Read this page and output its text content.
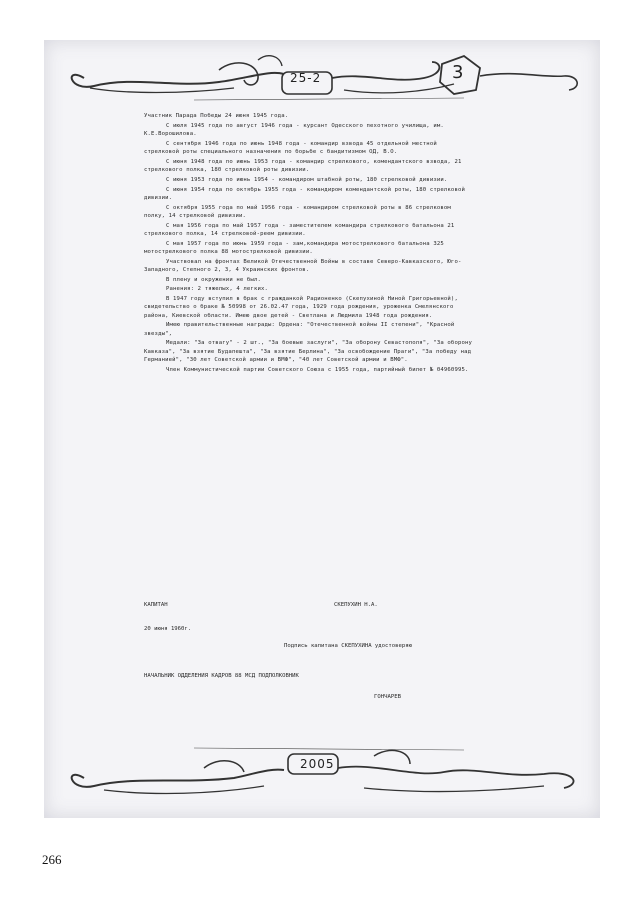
25-2	3

Участник Парада Победы 24 июня 1945 года.

С июля 1945 года по август 1946 года - курсант Одесского пехотного училища, им. К.Е.Ворошилова.

С сентября 1946 года по июнь 1948 года - командир взвода 45 отдельной местной стрелковой роты специального назначения по борьбе с бандитизмом ОД, В.О.

С июня 1948 года по июнь 1953 года - командир стрелкового, комендантского взвода, 21 стрелкового полка, 180 стрелковой роты дивизии.

С июня 1953 года по июнь 1954 - командиром штабной роты, 180 стрелковой дивизии.

С июня 1954 года по октябрь 1955 года - командиром комендантской роты, 180 стрелковой дивизии.

С октября 1955 года по май 1956 года - командиром стрелковой роты в 86 стрелковом полку, 14 стрелковой дивизии.

С мая 1956 года по май 1957 года - заместителем командира стрелкового батальона 21 стрелкового полка, 14 стрелковой-реем дивизии.

С мая 1957 года по июнь 1959 года - зам,командира мотострелкового батальона 325 мотострелкового полка 88 мотострелковой дивизии.

Участвовал на фронтах Великой Отечественной Войны в составе Северо-Кавказского, Юго-Западного, Степного 2, 3, 4 Украинских фронтов.

В плену и окружении не был.

Ранения: 2 тяжелых, 4 легких.

В 1947 году вступил в брак с гражданкой Радионенко (Скепухиной Ниной Григорьевной), свидетельство о браке № 50998 от 26.02.47 года, 1929 года рождения, уроженка Смелянского района, Киевской области. Имею двое детей - Светлана и Людмила 1948 года рождения.

Имею правительственные награды: Ордена: "Отечественной войны II степени", "Красной звезды",

Медали: "За отвагу" - 2 шт., "За боевые заслуги", "За оборону Севастополя", "За оборону Кавказа", "За взятие Будапешта", "За взятие Берлина", "За освобождение Праги", "За победу над Германией", "30 лет Советской армии и ВМФ", "40 лет Советской армии и ВМФ".

Член Коммунистической партии Советского Союза с 1955 года, партийный билет № 04960995.

КАПИТАН	СКЕПУХИН Н.А.
20 июня 1960г.
Подпись капитана СКЕПУХИНА удостоверяю
НАЧАЛЬНИК ОДДЕЛЕНИЯ КАДРОВ 88 МСД ПОДПОЛКОВНИК
ГОНЧАРЕВ
2005
266
